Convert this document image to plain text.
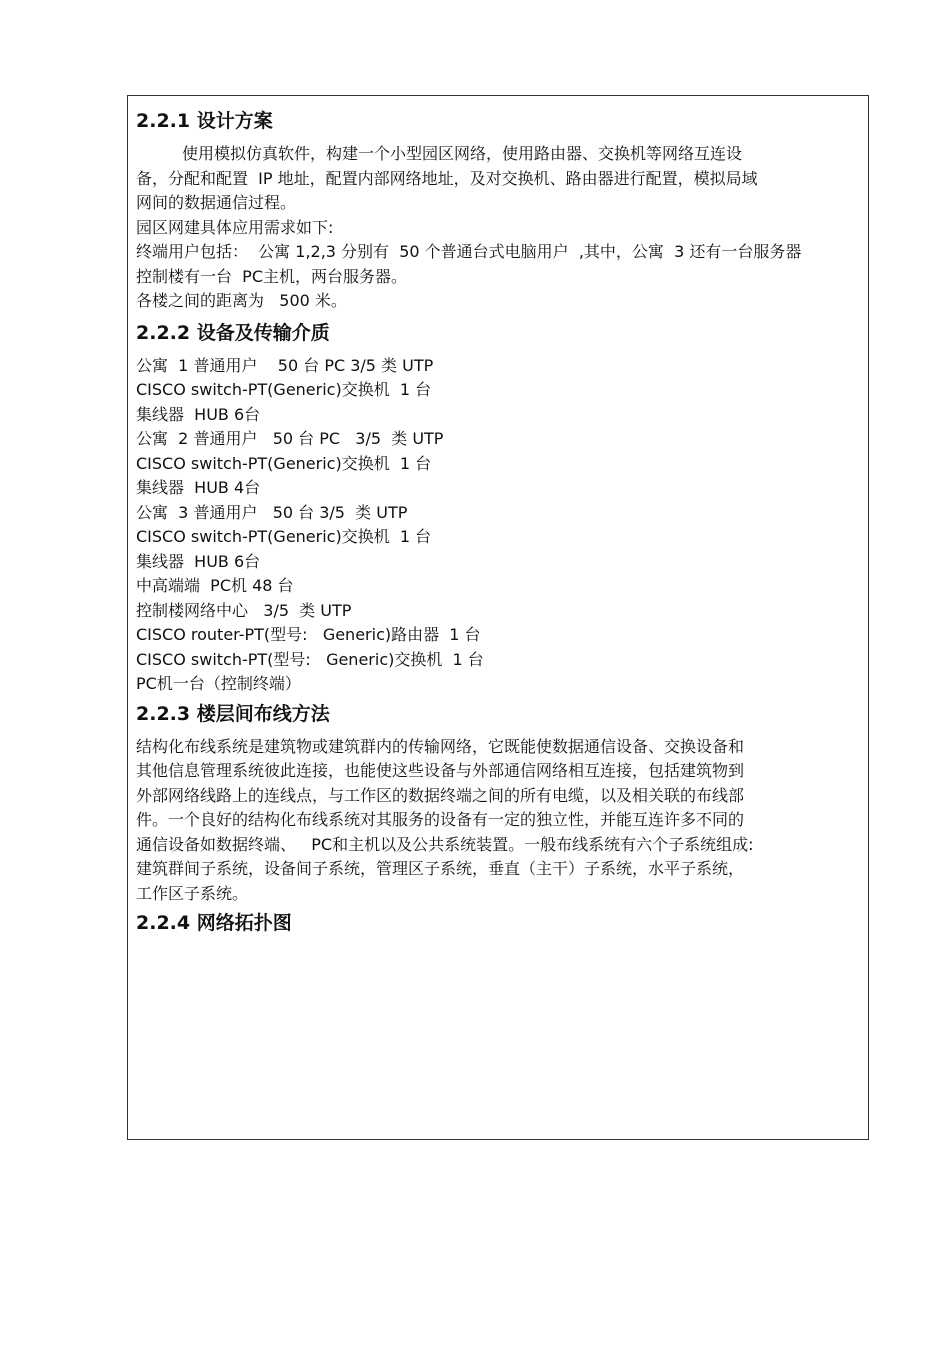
2.2.1 设计方案

使用模拟仿真软件，构建一个小型园区网络，使用路由器、交换机等网络互连设

备，分配和配置  IP 地址，配置内部网络地址，及对交换机、路由器进行配置，模拟局域

网间的数据通信过程。

园区网建具体应用需求如下:

终端用户包括：  公寓 1,2,3 分别有  50 个普通台式电脑用户  ,其中，公寓  3 还有一台服务器

控制楼有一台  PC主机，两台服务器。

各楼之间的距离为   500 米。

2.2.2 设备及传输介质

公寓  1 普通用户    50 台 PC 3/5 类 UTP

CISCO switch-PT(Generic)交换机  1 台

集线器  HUB 6台

公寓  2 普通用户   50 台 PC   3/5  类 UTP

CISCO switch-PT(Generic)交换机  1 台

集线器  HUB 4台

公寓  3 普通用户   50 台 3/5  类 UTP

CISCO switch-PT(Generic)交换机  1 台

集线器  HUB 6台

中高端端  PC机 48 台

控制楼网络中心   3/5  类 UTP

CISCO router-PT(型号:   Generic)路由器  1 台

CISCO switch-PT(型号:   Generic)交换机  1 台

PC机一台（控制终端）

2.2.3 楼层间布线方法

结构化布线系统是建筑物或建筑群内的传输网络，它既能使数据通信设备、交换设备和

其他信息管理系统彼此连接，也能使这些设备与外部通信网络相互连接，包括建筑物到

外部网络线路上的连线点，与工作区的数据终端之间的所有电缆，以及相关联的布线部

件。一个良好的结构化布线系统对其服务的设备有一定的独立性，并能互连许多不同的

通信设备如数据终端、   PC和主机以及公共系统装置。一般布线系统有六个子系统组成:

建筑群间子系统，设备间子系统，管理区子系统，垂直（主干）子系统，水平子系统，

工作区子系统。

2.2.4 网络拓扑图
